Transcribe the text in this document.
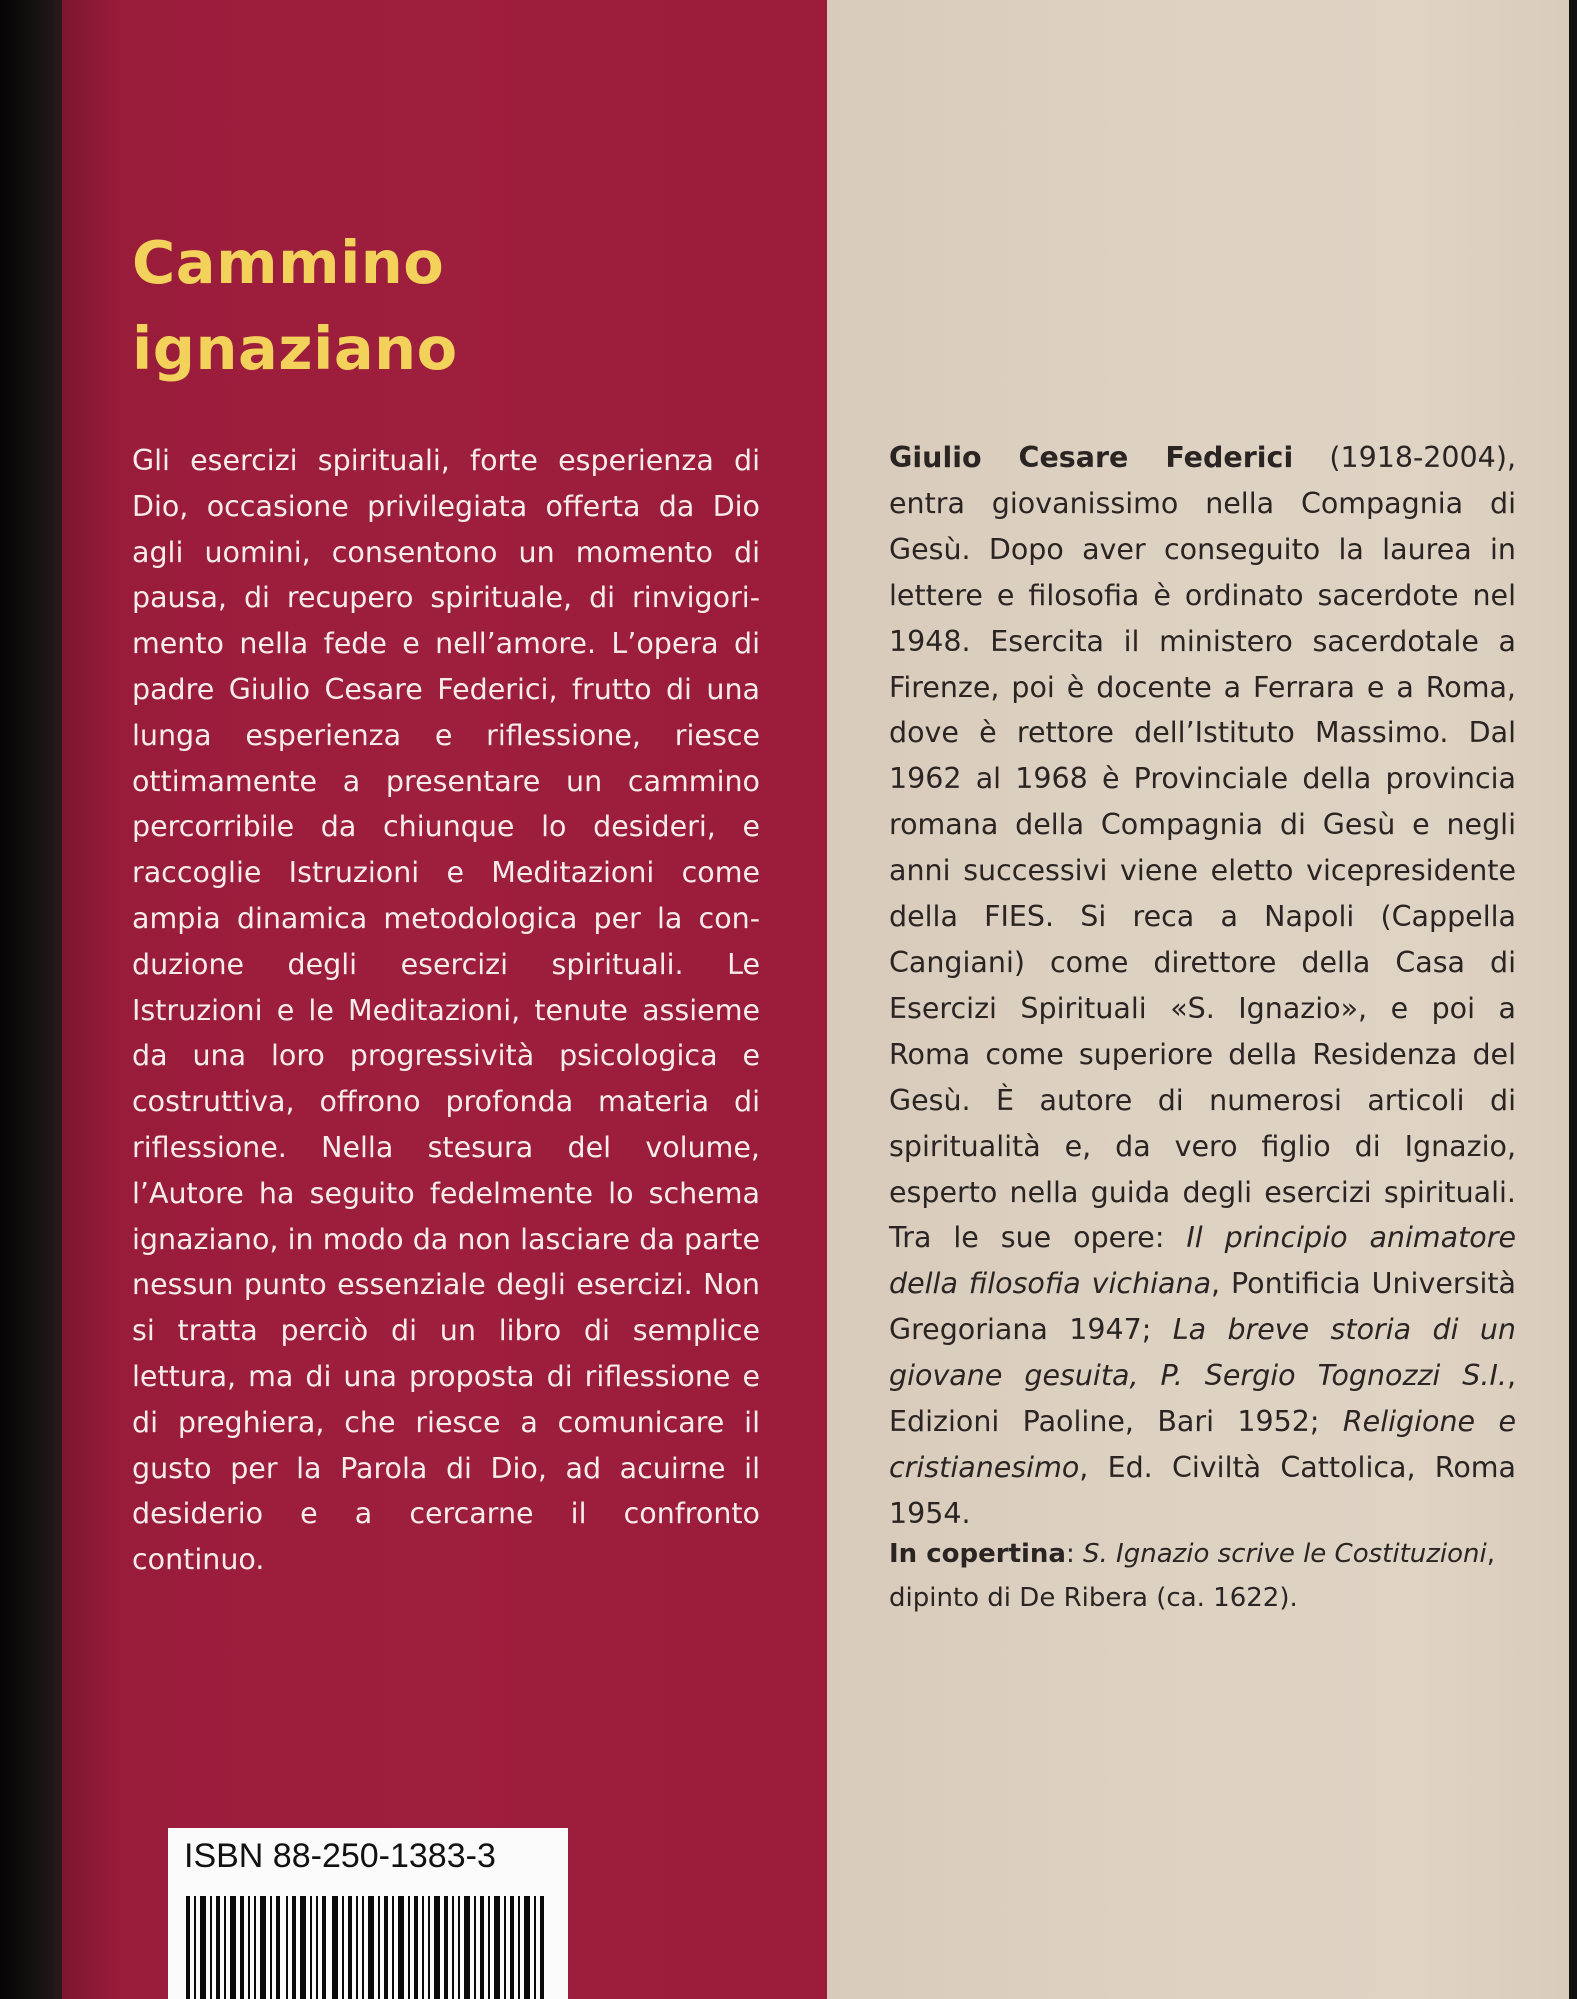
Cammino
ignaziano

Gli esercizi spirituali, forte esperienza di Dio, occasione privilegiata offerta da Dio agli uomini, consentono un momento di pausa, di recupero spirituale, di rinvigorimento nella fede e nell’amore. L’opera di padre Giulio Cesare Federici, frutto di una lunga esperienza e riflessione, riesce ottimamente a presentare un cammino percorribile da chiunque lo desideri, e raccoglie Istruzioni e Meditazioni come ampia dinamica metodologica per la conduzione degli esercizi spirituali. Le Istruzioni e le Meditazioni, tenute assieme da una loro progressività psicologica e costruttiva, offrono profonda materia di riflessione. Nella stesura del volume, l’Autore ha seguito fedelmente lo schema ignaziano, in modo da non lasciare da parte nessun punto essenziale degli esercizi. Non si tratta perciò di un libro di semplice lettura, ma di una proposta di riflessione e di preghiera, che riesce a comunicare il gusto per la Parola di Dio, ad acuirne il desiderio e a cercarne il confronto continuo.

ISBN 88-250-1383-3

Giulio Cesare Federici (1918-2004), entra giovanissimo nella Compagnia di Gesù. Dopo aver conseguito la laurea in lettere e filosofia è ordinato sacerdote nel 1948. Esercita il ministero sacerdotale a Firenze, poi è docente a Ferrara e a Roma, dove è rettore dell’Istituto Massimo. Dal 1962 al 1968 è Provinciale della provincia romana della Compagnia di Gesù e negli anni successivi viene eletto vicepresidente della FIES. Si reca a Napoli (Cappella Cangiani) come direttore della Casa di Esercizi Spirituali «S. Ignazio», e poi a Roma come superiore della Residenza del Gesù. È autore di numerosi articoli di spiritualità e, da vero figlio di Ignazio, esperto nella guida degli esercizi spirituali. Tra le sue opere: Il principio animatore della filosofia vichiana, Pontificia Università Gregoriana 1947; La breve storia di un giovane gesuita, P. Sergio Tognozzi S.I., Edizioni Paoline, Bari 1952; Religione e cristianesimo, Ed. Civiltà Cattolica, Roma 1954.

In copertina: S. Ignazio scrive le Costituzioni, dipinto di De Ribera (ca. 1622).
